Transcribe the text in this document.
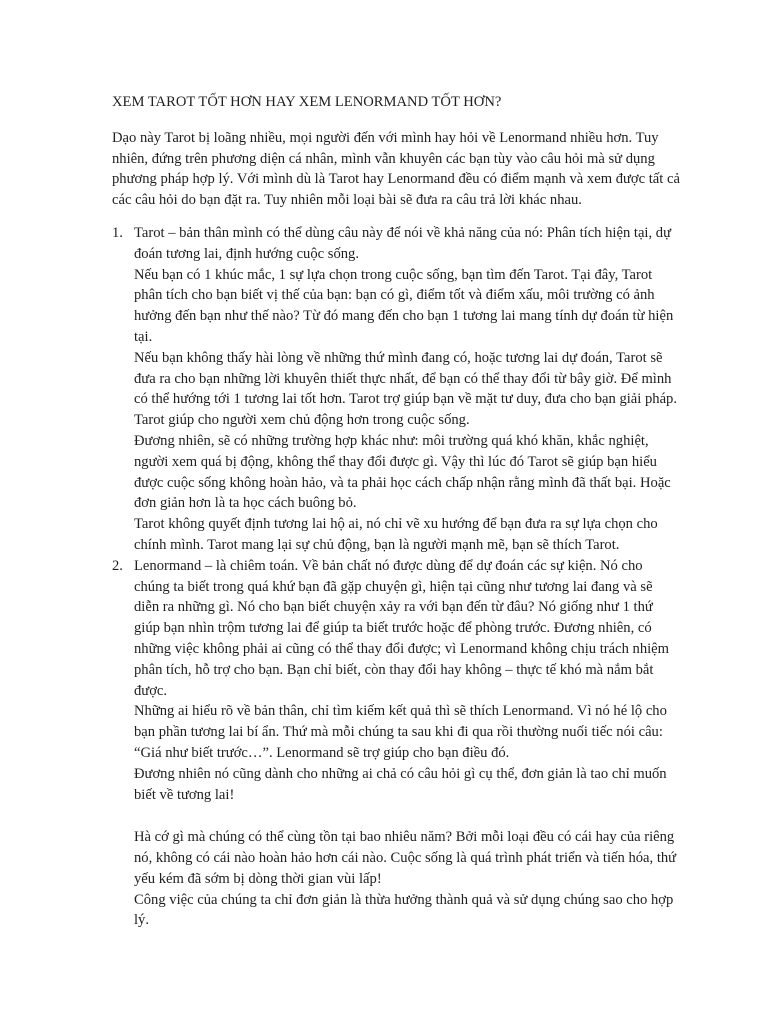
XEM TAROT TỐT HƠN HAY XEM LENORMAND TỐT HƠN?

Dạo này Tarot bị loãng nhiều, mọi người đến với mình hay hỏi về Lenormand nhiều hơn. Tuy nhiên, đứng trên phương diện cá nhân, mình vẫn khuyên các bạn tùy vào câu hỏi mà sử dụng phương pháp hợp lý. Với mình dù là Tarot hay Lenormand đều có điểm mạnh và xem được tất cả các câu hỏi do bạn đặt ra. Tuy nhiên mỗi loại bài sẽ đưa ra câu trả lời khác nhau.

1. Tarot – bản thân mình có thể dùng câu này để nói về khả năng của nó: Phân tích hiện tại, dự đoán tương lai, định hướng cuộc sống.

Nếu bạn có 1 khúc mắc, 1 sự lựa chọn trong cuộc sống, bạn tìm đến Tarot. Tại đây, Tarot phân tích cho bạn biết vị thế của bạn: bạn có gì, điểm tốt và điểm xấu, môi trường có ảnh hưởng đến bạn như thế nào? Từ đó mang đến cho bạn 1 tương lai mang tính dự đoán từ hiện tại.

Nếu bạn không thấy hài lòng về những thứ mình đang có, hoặc tương lai dự đoán, Tarot sẽ đưa ra cho bạn những lời khuyên thiết thực nhất, để bạn có thể thay đổi từ bây giờ. Để mình có thể hướng tới 1 tương lai tốt hơn. Tarot trợ giúp bạn về mặt tư duy, đưa cho bạn giải pháp. Tarot giúp cho người xem chủ động hơn trong cuộc sống.

Đương nhiên, sẽ có những trường hợp khác như: môi trường quá khó khăn, khắc nghiệt, người xem quá bị động, không thể thay đổi được gì. Vậy thì lúc đó Tarot sẽ giúp bạn hiểu được cuộc sống không hoàn hảo, và ta phải học cách chấp nhận rằng mình đã thất bại. Hoặc đơn giản hơn là ta học cách buông bỏ.

Tarot không quyết định tương lai hộ ai, nó chỉ vẽ xu hướng để bạn đưa ra sự lựa chọn cho chính mình. Tarot mang lại sự chủ động, bạn là người mạnh mẽ, bạn sẽ thích Tarot.

2. Lenormand – là chiêm toán. Về bản chất nó được dùng để dự đoán các sự kiện. Nó cho chúng ta biết trong quá khứ bạn đã gặp chuyện gì, hiện tại cũng như tương lai đang và sẽ diễn ra những gì. Nó cho bạn biết chuyện xảy ra với bạn đến từ đâu? Nó giống như 1 thứ giúp bạn nhìn trộm tương lai để giúp ta biết trước hoặc để phòng trước. Đương nhiên, có những việc không phải ai cũng có thể thay đổi được; vì Lenormand không chịu trách nhiệm phân tích, hỗ trợ cho bạn. Bạn chỉ biết, còn thay đổi hay không – thực tế khó mà nắm bắt được.

Những ai hiểu rõ về bản thân, chỉ tìm kiếm kết quả thì sẽ thích Lenormand. Vì nó hé lộ cho bạn phần tương lai bí ẩn. Thứ mà mỗi chúng ta sau khi đi qua rồi thường nuối tiếc nói câu: “Giá như biết trước…”. Lenormand sẽ trợ giúp cho bạn điều đó.

Đương nhiên nó cũng dành cho những ai chả có câu hỏi gì cụ thể, đơn giản là tao chỉ muốn biết về tương lai!

Hà cớ gì mà chúng có thể cùng tồn tại bao nhiêu năm? Bởi mỗi loại đều có cái hay của riêng nó, không có cái nào hoàn hảo hơn cái nào. Cuộc sống là quá trình phát triển và tiến hóa, thứ yếu kém đã sớm bị dòng thời gian vùi lấp!

Công việc của chúng ta chỉ đơn giản là thừa hưởng thành quả và sử dụng chúng sao cho hợp lý.
